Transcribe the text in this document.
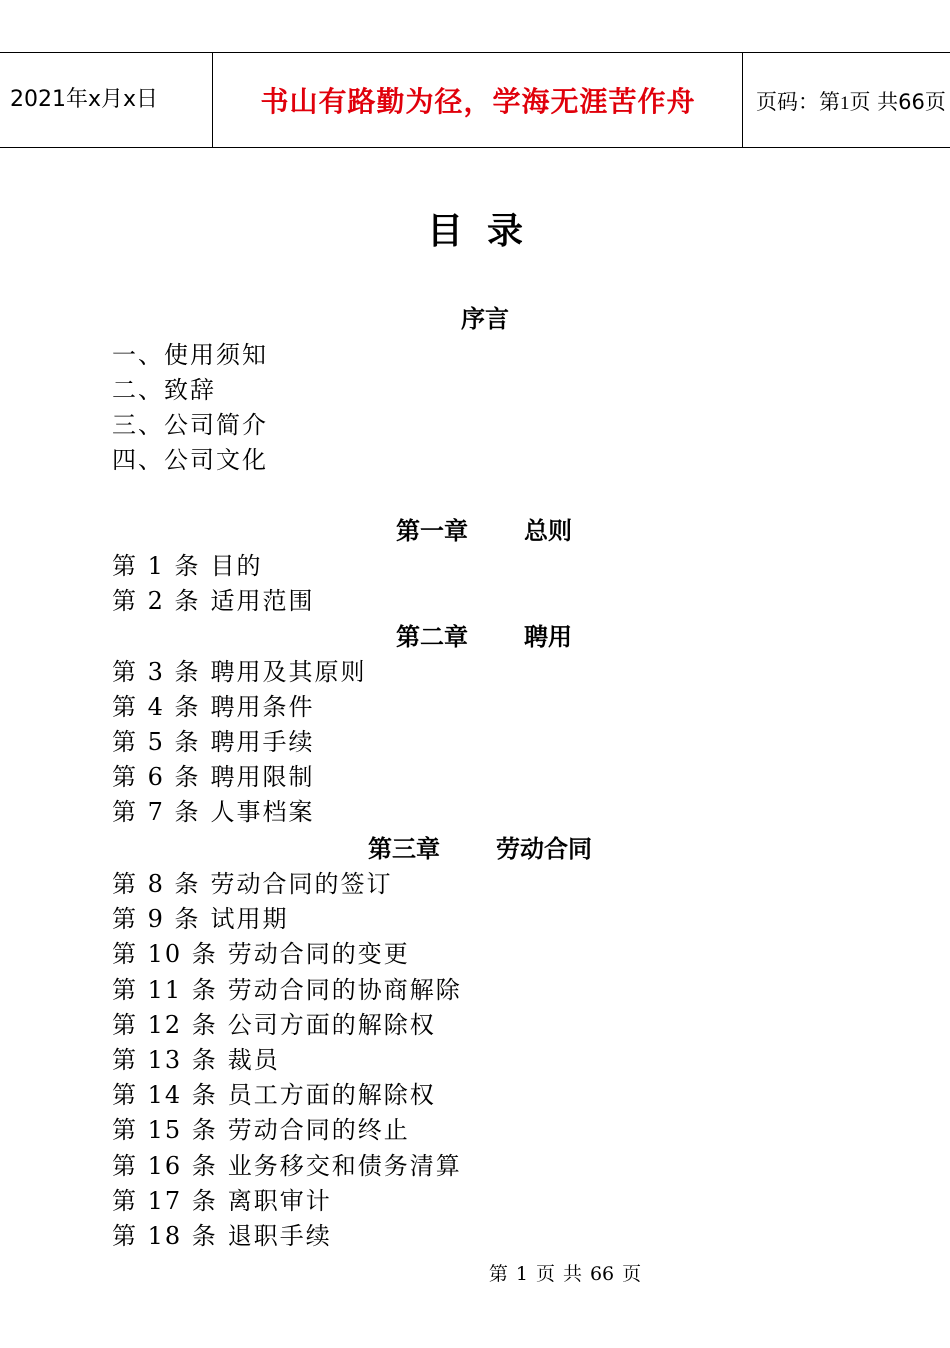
2021年x月x日	书山有路勤为径，学海无涯苦作舟	页码：第1页 共66页
目录
序言
一、使用须知
二、致辞
三、公司简介
四、公司文化
第一章 总则
第 1 条 目的
第 2 条 适用范围
第二章 聘用
第 3 条 聘用及其原则
第 4 条 聘用条件
第 5 条 聘用手续
第 6 条 聘用限制
第 7 条 人事档案
第三章 劳动合同
第 8 条 劳动合同的签订
第 9 条 试用期
第 10 条 劳动合同的变更
第 11 条 劳动合同的协商解除
第 12 条 公司方面的解除权
第 13 条 裁员
第 14 条 员工方面的解除权
第 15 条 劳动合同的终止
第 16 条 业务移交和债务清算
第 17 条 离职审计
第 18 条 退职手续
第 1 页 共 66 页
